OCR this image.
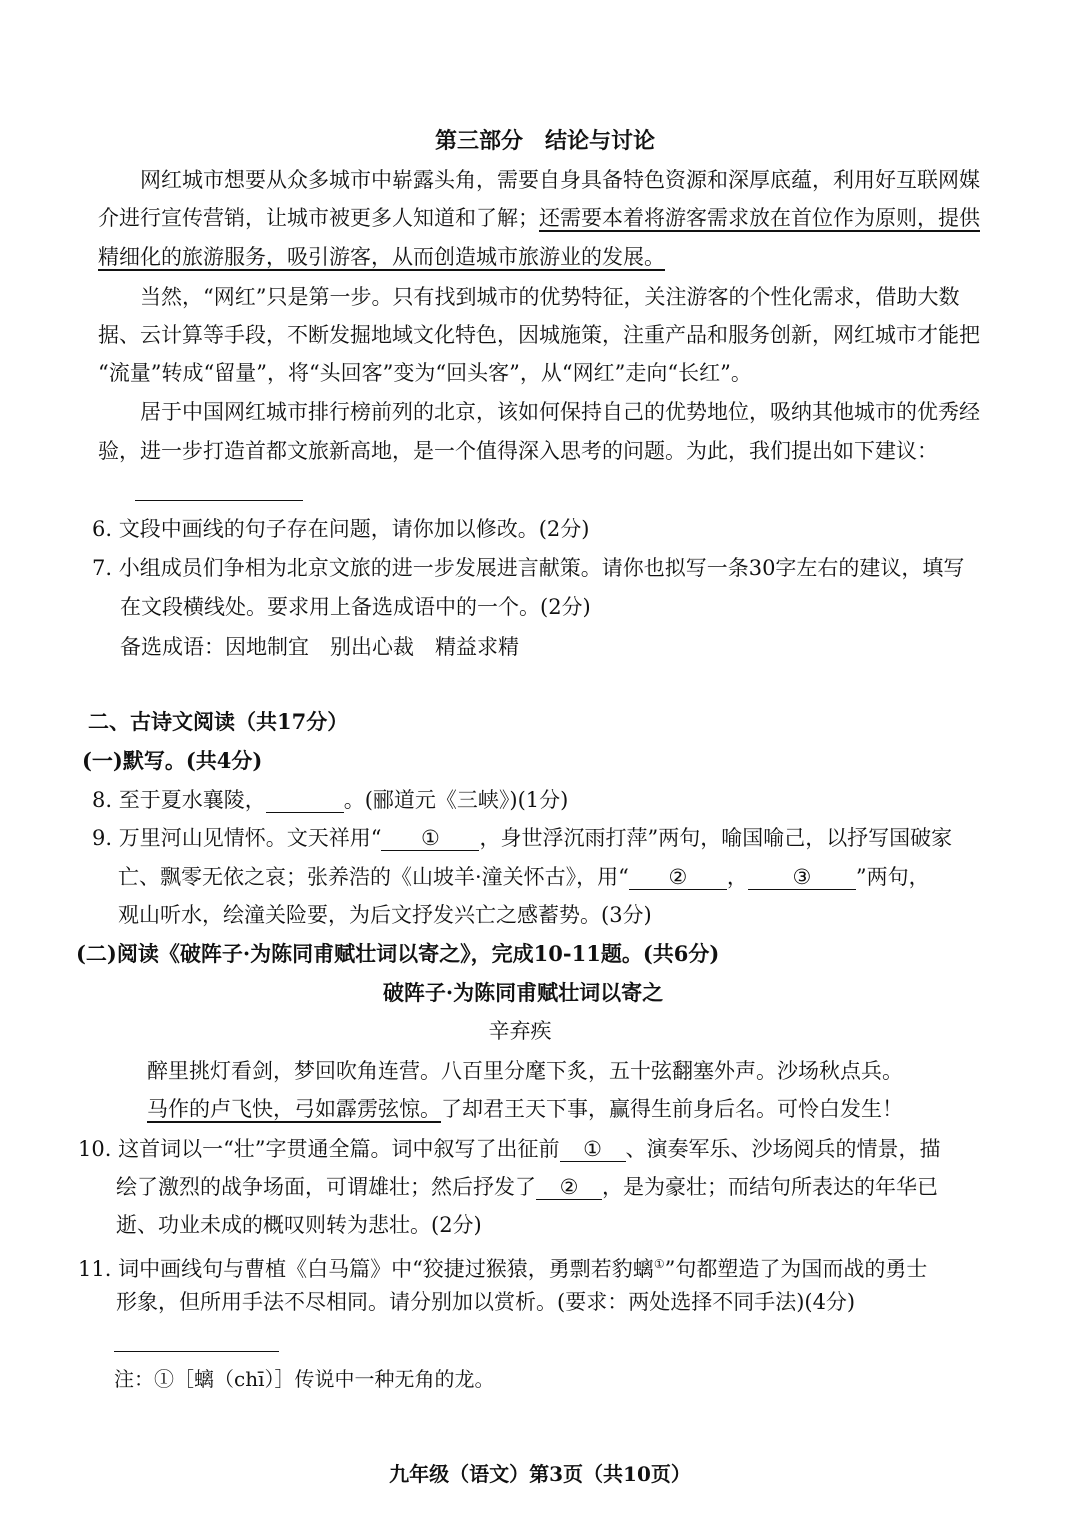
第三部分　结论与讨论
网红城市想要从众多城市中崭露头角，需要自身具备特色资源和深厚底蕴，利用好互联网媒
介进行宣传营销，让城市被更多人知道和了解；还需要本着将游客需求放在首位作为原则，提供
精细化的旅游服务，吸引游客，从而创造城市旅游业的发展。
当然，“网红”只是第一步。只有找到城市的优势特征，关注游客的个性化需求，借助大数
据、云计算等手段，不断发掘地域文化特色，因城施策，注重产品和服务创新，网红城市才能把
“流量”转成“留量”，将“头回客”变为“回头客”，从“网红”走向“长红”。
居于中国网红城市排行榜前列的北京，该如何保持自己的优势地位，吸纳其他城市的优秀经
验，进一步打造首都文旅新高地，是一个值得深入思考的问题。为此，我们提出如下建议：
6. 文段中画线的句子存在问题，请你加以修改。(2分)
7. 小组成员们争相为北京文旅的进一步发展进言献策。请你也拟写一条30字左右的建议，填写
在文段横线处。要求用上备选成语中的一个。(2分)
备选成语：因地制宜　别出心裁　精益求精
二、古诗文阅读（共17分）
(一)默写。(共4分)
8. 至于夏水襄陵，	。(郦道元《三峡》)(1分)
9. 万里河山见情怀。文天祥用“ ① ，身世浮沉雨打萍”两句，喻国喻己，以抒写国破家
亡、飘零无依之哀；张养浩的《山坡羊·潼关怀古》，用“ ② ， ③ ”两句，
观山听水，绘潼关险要，为后文抒发兴亡之感蓄势。(3分)
(二)阅读《破阵子·为陈同甫赋壮词以寄之》，完成10-11题。(共6分)
破阵子·为陈同甫赋壮词以寄之
辛弃疾
醉里挑灯看剑，梦回吹角连营。八百里分麾下炙，五十弦翻塞外声。沙场秋点兵。
马作的卢飞快，弓如霹雳弦惊。了却君王天下事，赢得生前身后名。可怜白发生！
10. 这首词以一“壮”字贯通全篇。词中叙写了出征前 ① 、演奏军乐、沙场阅兵的情景，描
绘了激烈的战争场面，可谓雄壮；然后抒发了 ② ，是为豪壮；而结句所表达的年华已
逝、功业未成的概叹则转为悲壮。(2分)
11. 词中画线句与曹植《白马篇》中“狡捷过猴猿，勇剽若豹螭①”句都塑造了为国而战的勇士
形象，但所用手法不尽相同。请分别加以赏析。(要求：两处选择不同手法)(4分)
注：①［螭（chī）］传说中一种无角的龙。
九年级（语文）第3页（共10页）
